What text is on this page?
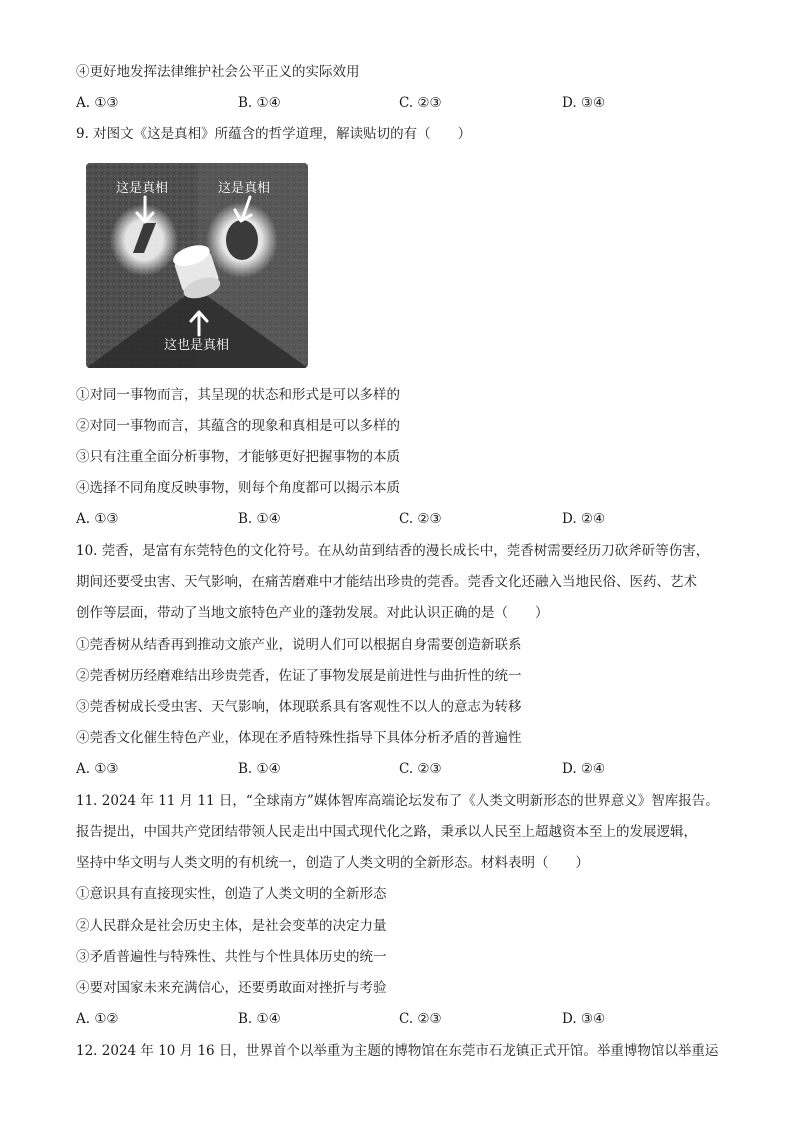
④更好地发挥法律维护社会公平正义的实际效用
A. ①③	B. ①④	C. ②③	D. ③④
9. 对图文《这是真相》所蕴含的哲学道理，解读贴切的有（　　）
这是真相	这是真相
这也是真相
①对同一事物而言，其呈现的状态和形式是可以多样的
②对同一事物而言，其蕴含的现象和真相是可以多样的
③只有注重全面分析事物，才能够更好把握事物的本质
④选择不同角度反映事物，则每个角度都可以揭示本质
A. ①③	B. ①④	C. ②③	D. ②④
10. 莞香，是富有东莞特色的文化符号。在从幼苗到结香的漫长成长中，莞香树需要经历刀砍斧斫等伤害，
期间还要受虫害、天气影响，在痛苦磨难中才能结出珍贵的莞香。莞香文化还融入当地民俗、医药、艺术
创作等层面，带动了当地文旅特色产业的蓬勃发展。对此认识正确的是（　　）
①莞香树从结香再到推动文旅产业，说明人们可以根据自身需要创造新联系
②莞香树历经磨难结出珍贵莞香，佐证了事物发展是前进性与曲折性的统一
③莞香树成长受虫害、天气影响，体现联系具有客观性不以人的意志为转移
④莞香文化催生特色产业，体现在矛盾特殊性指导下具体分析矛盾的普遍性
A. ①③	B. ①④	C. ②③	D. ②④
11. 2024 年 11 月 11 日，“全球南方”媒体智库高端论坛发布了《人类文明新形态的世界意义》智库报告。
报告提出，中国共产党团结带领人民走出中国式现代化之路，秉承以人民至上超越资本至上的发展逻辑，
坚持中华文明与人类文明的有机统一，创造了人类文明的全新形态。材料表明（　　）
①意识具有直接现实性，创造了人类文明的全新形态
②人民群众是社会历史主体，是社会变革的决定力量
③矛盾普遍性与特殊性、共性与个性具体历史的统一
④要对国家未来充满信心，还要勇敢面对挫折与考验
A. ①②	B. ①④	C. ②③	D. ③④
12. 2024 年 10 月 16 日，世界首个以举重为主题的博物馆在东莞市石龙镇正式开馆。举重博物馆以举重运
